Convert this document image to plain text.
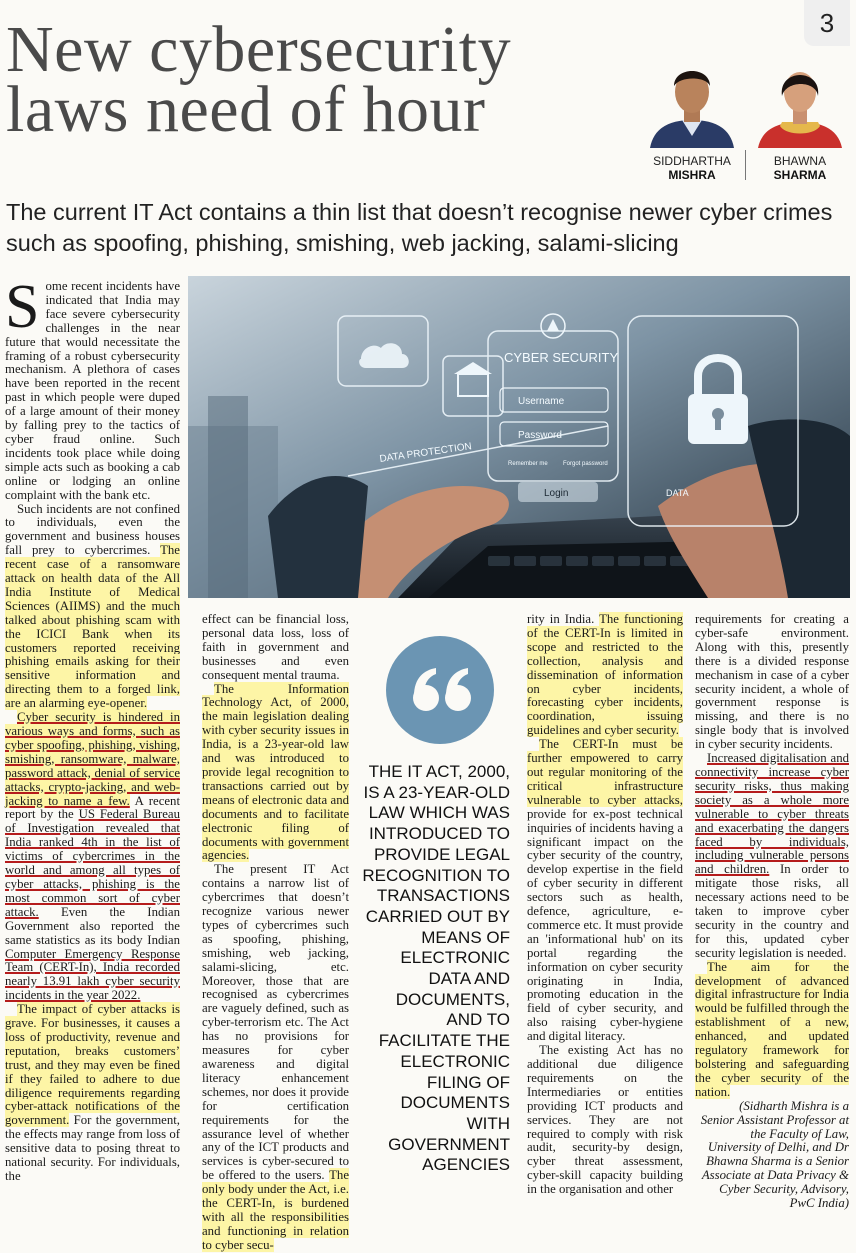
3
New cybersecurity
laws need of hour
SIDDHARTHA
MISHRA
BHAWNA
SHARMA
The current IT Act contains a thin list that doesn’t recognise newer cyber crimes such as spoofing, phishing, smishing, web jacking, salami-slicing
CYBER SECURITY
Username
Password
Remember me	Forgot password
Login
DATA PROTECTION
DATA

Some recent incidents have indicated that India may face severe cybersecurity challenges in the near future that would necessitate the framing of a robust cybersecurity mechanism. A plethora of cases have been reported in the recent past in which people were duped of a large amount of their money by falling prey to the tactics of cyber fraud online. Such incidents took place while doing simple acts such as booking a cab online or lodging an online complaint with the bank etc.

Such incidents are not confined to individuals, even the government and business houses fall prey to cybercrimes. The recent case of a ransomware attack on health data of the All India Institute of Medical Sciences (AIIMS) and the much talked about phishing scam with the ICICI Bank when its customers reported receiving phishing emails asking for their sensitive information and directing them to a forged link, are an alarming eye-opener.

Cyber security is hindered in various ways and forms, such as cyber spoofing, phishing, vishing, smishing, ransomware, malware, password attack, denial of service attacks, crypto-jacking, and web-jacking to name a few. A recent report by the US Federal Bureau of Investigation revealed that India ranked 4th in the list of victims of cybercrimes in the world and among all types of cyber attacks, phishing is the most common sort of cyber attack. Even the Indian Government also reported the same statistics as its body Indian Computer Emergency Response Team (CERT-In), India recorded nearly 13.91 lakh cyber security incidents in the year 2022.

The impact of cyber attacks is grave. For businesses, it causes a loss of productivity, revenue and reputation, breaks customers’ trust, and they may even be fined if they failed to adhere to due diligence requirements regarding cyber-attack notifications of the government. For the government, the effects may range from loss of sensitive data to posing threat to national security. For individuals, the

effect can be financial loss, personal data loss, loss of faith in government and businesses and even consequent mental trauma.

The Information Technology Act, of 2000, the main legislation dealing with cyber security issues in India, is a 23-year-old law and was introduced to provide legal recognition to transactions carried out by means of electronic data and documents and to facilitate electronic filing of documents with government agencies.

The present IT Act contains a narrow list of cybercrimes that doesn’t recognize various newer types of cybercrimes such as spoofing, phishing, smishing, web jacking, salami-slicing, etc. Moreover, those that are recognised as cybercrimes are vaguely defined, such as cyber-terrorism etc. The Act has no provisions for measures for cyber awareness and digital literacy enhancement schemes, nor does it provide for certification requirements for the assurance level of whether any of the ICT products and services is cyber-secured to be offered to the users. The only body under the Act, i.e. the CERT-In, is burdened with all the responsibilities and functioning in relation to cyber secu-

THE IT ACT, 2000, IS A 23-YEAR-OLD LAW WHICH WAS INTRODUCED TO PROVIDE LEGAL RECOGNITION TO TRANSACTIONS CARRIED OUT BY MEANS OF ELECTRONIC DATA AND DOCUMENTS, AND TO FACILITATE THE ELECTRONIC FILING OF DOCUMENTS WITH GOVERNMENT AGENCIES

rity in India. The functioning of the CERT-In is limited in scope and restricted to the collection, analysis and dissemination of information on cyber incidents, forecasting cyber incidents, coordination, issuing guidelines and cyber security.

The CERT-In must be further empowered to carry out regular monitoring of the critical infrastructure vulnerable to cyber attacks, provide for ex-post technical inquiries of incidents having a significant impact on the cyber security of the country, develop expertise in the field of cyber security in different sectors such as health, defence, agriculture, e-commerce etc. It must provide an 'informational hub' on its portal regarding the information on cyber security originating in India, promoting education in the field of cyber security, and also raising cyber-hygiene and digital literacy.

The existing Act has no additional due diligence requirements on the Intermediaries or entities providing ICT products and services. They are not required to comply with risk audit, security-by design, cyber threat assessment, cyber-skill capacity building in the organisation and other

requirements for creating a cyber-safe environment. Along with this, presently there is a divided response mechanism in case of a cyber security incident, a whole of government response is missing, and there is no single body that is involved in cyber security incidents.

Increased digitalisation and connectivity increase cyber security risks, thus making society as a whole more vulnerable to cyber threats and exacerbating the dangers faced by individuals, including vulnerable persons and children. In order to mitigate those risks, all necessary actions need to be taken to improve cyber security in the country and for this, updated cyber security legislation is needed.

The aim for the development of advanced digital infrastructure for India would be fulfilled through the establishment of a new, enhanced, and updated regulatory framework for bolstering and safeguarding the cyber security of the nation.

(Sidharth Mishra is a Senior Assistant Professor at the Faculty of Law, University of Delhi, and Dr Bhawna Sharma is a Senior Associate at Data Privacy & Cyber Security, Advisory, PwC India)
